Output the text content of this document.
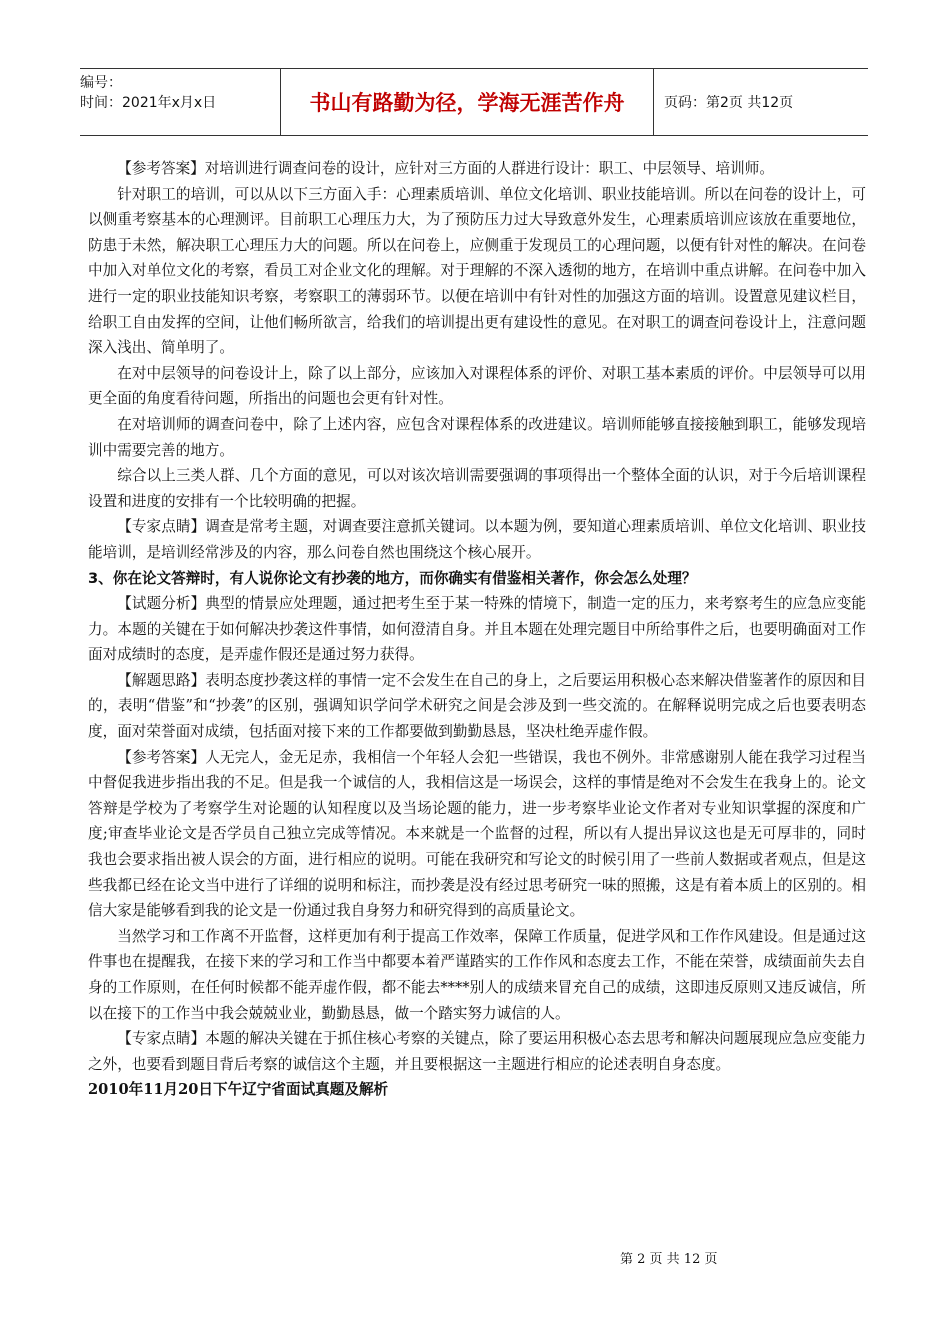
编号：
时间：2021年x月x日	书山有路勤为径，学海无涯苦作舟	页码：第2页 共12页

【参考答案】对培训进行调查问卷的设计，应针对三方面的人群进行设计：职工、中层领导、培训师。

针对职工的培训，可以从以下三方面入手：心理素质培训、单位文化培训、职业技能培训。所以在问卷的设计上，可以侧重考察基本的心理测评。目前职工心理压力大，为了预防压力过大导致意外发生，心理素质培训应该放在重要地位，防患于未然，解决职工心理压力大的问题。所以在问卷上，应侧重于发现员工的心理问题，以便有针对性的解决。在问卷中加入对单位文化的考察，看员工对企业文化的理解。对于理解的不深入透彻的地方，在培训中重点讲解。在问卷中加入进行一定的职业技能知识考察，考察职工的薄弱环节。以便在培训中有针对性的加强这方面的培训。设置意见建议栏目，给职工自由发挥的空间，让他们畅所欲言，给我们的培训提出更有建设性的意见。在对职工的调查问卷设计上，注意问题深入浅出、简单明了。

在对中层领导的问卷设计上，除了以上部分，应该加入对课程体系的评价、对职工基本素质的评价。中层领导可以用更全面的角度看待问题，所指出的问题也会更有针对性。

在对培训师的调查问卷中，除了上述内容，应包含对课程体系的改进建议。培训师能够直接接触到职工，能够发现培训中需要完善的地方。

综合以上三类人群、几个方面的意见，可以对该次培训需要强调的事项得出一个整体全面的认识，对于今后培训课程设置和进度的安排有一个比较明确的把握。

【专家点睛】调查是常考主题，对调查要注意抓关键词。以本题为例，要知道心理素质培训、单位文化培训、职业技能培训，是培训经常涉及的内容，那么问卷自然也围绕这个核心展开。

3、你在论文答辩时，有人说你论文有抄袭的地方，而你确实有借鉴相关著作，你会怎么处理？

【试题分析】典型的情景应处理题，通过把考生至于某一特殊的情境下，制造一定的压力，来考察考生的应急应变能力。本题的关键在于如何解决抄袭这件事情，如何澄清自身。并且本题在处理完题目中所给事件之后，也要明确面对工作面对成绩时的态度，是弄虚作假还是通过努力获得。

【解题思路】表明态度抄袭这样的事情一定不会发生在自己的身上，之后要运用积极心态来解决借鉴著作的原因和目的，表明“借鉴”和“抄袭”的区别，强调知识学问学术研究之间是会涉及到一些交流的。在解释说明完成之后也要表明态度，面对荣誉面对成绩，包括面对接下来的工作都要做到勤勤恳恳，坚决杜绝弄虚作假。

【参考答案】人无完人，金无足赤，我相信一个年轻人会犯一些错误，我也不例外。非常感谢别人能在我学习过程当中督促我进步指出我的不足。但是我一个诚信的人，我相信这是一场误会，这样的事情是绝对不会发生在我身上的。论文答辩是学校为了考察学生对论题的认知程度以及当场论题的能力，进一步考察毕业论文作者对专业知识掌握的深度和广度;审查毕业论文是否学员自己独立完成等情况。本来就是一个监督的过程，所以有人提出异议这也是无可厚非的，同时我也会要求指出被人误会的方面，进行相应的说明。可能在我研究和写论文的时候引用了一些前人数据或者观点，但是这些我都已经在论文当中进行了详细的说明和标注，而抄袭是没有经过思考研究一味的照搬，这是有着本质上的区别的。相信大家是能够看到我的论文是一份通过我自身努力和研究得到的高质量论文。

当然学习和工作离不开监督，这样更加有利于提高工作效率，保障工作质量，促进学风和工作作风建设。但是通过这件事也在提醒我，在接下来的学习和工作当中都要本着严谨踏实的工作作风和态度去工作，不能在荣誉，成绩面前失去自身的工作原则，在任何时候都不能弄虚作假，都不能去****别人的成绩来冒充自己的成绩，这即违反原则又违反诚信，所以在接下的工作当中我会兢兢业业，勤勤恳恳，做一个踏实努力诚信的人。

【专家点睛】本题的解决关键在于抓住核心考察的关键点，除了要运用积极心态去思考和解决问题展现应急应变能力之外，也要看到题目背后考察的诚信这个主题，并且要根据这一主题进行相应的论述表明自身态度。

2010年11月20日下午辽宁省面试真题及解析

第 2 页 共 12 页
